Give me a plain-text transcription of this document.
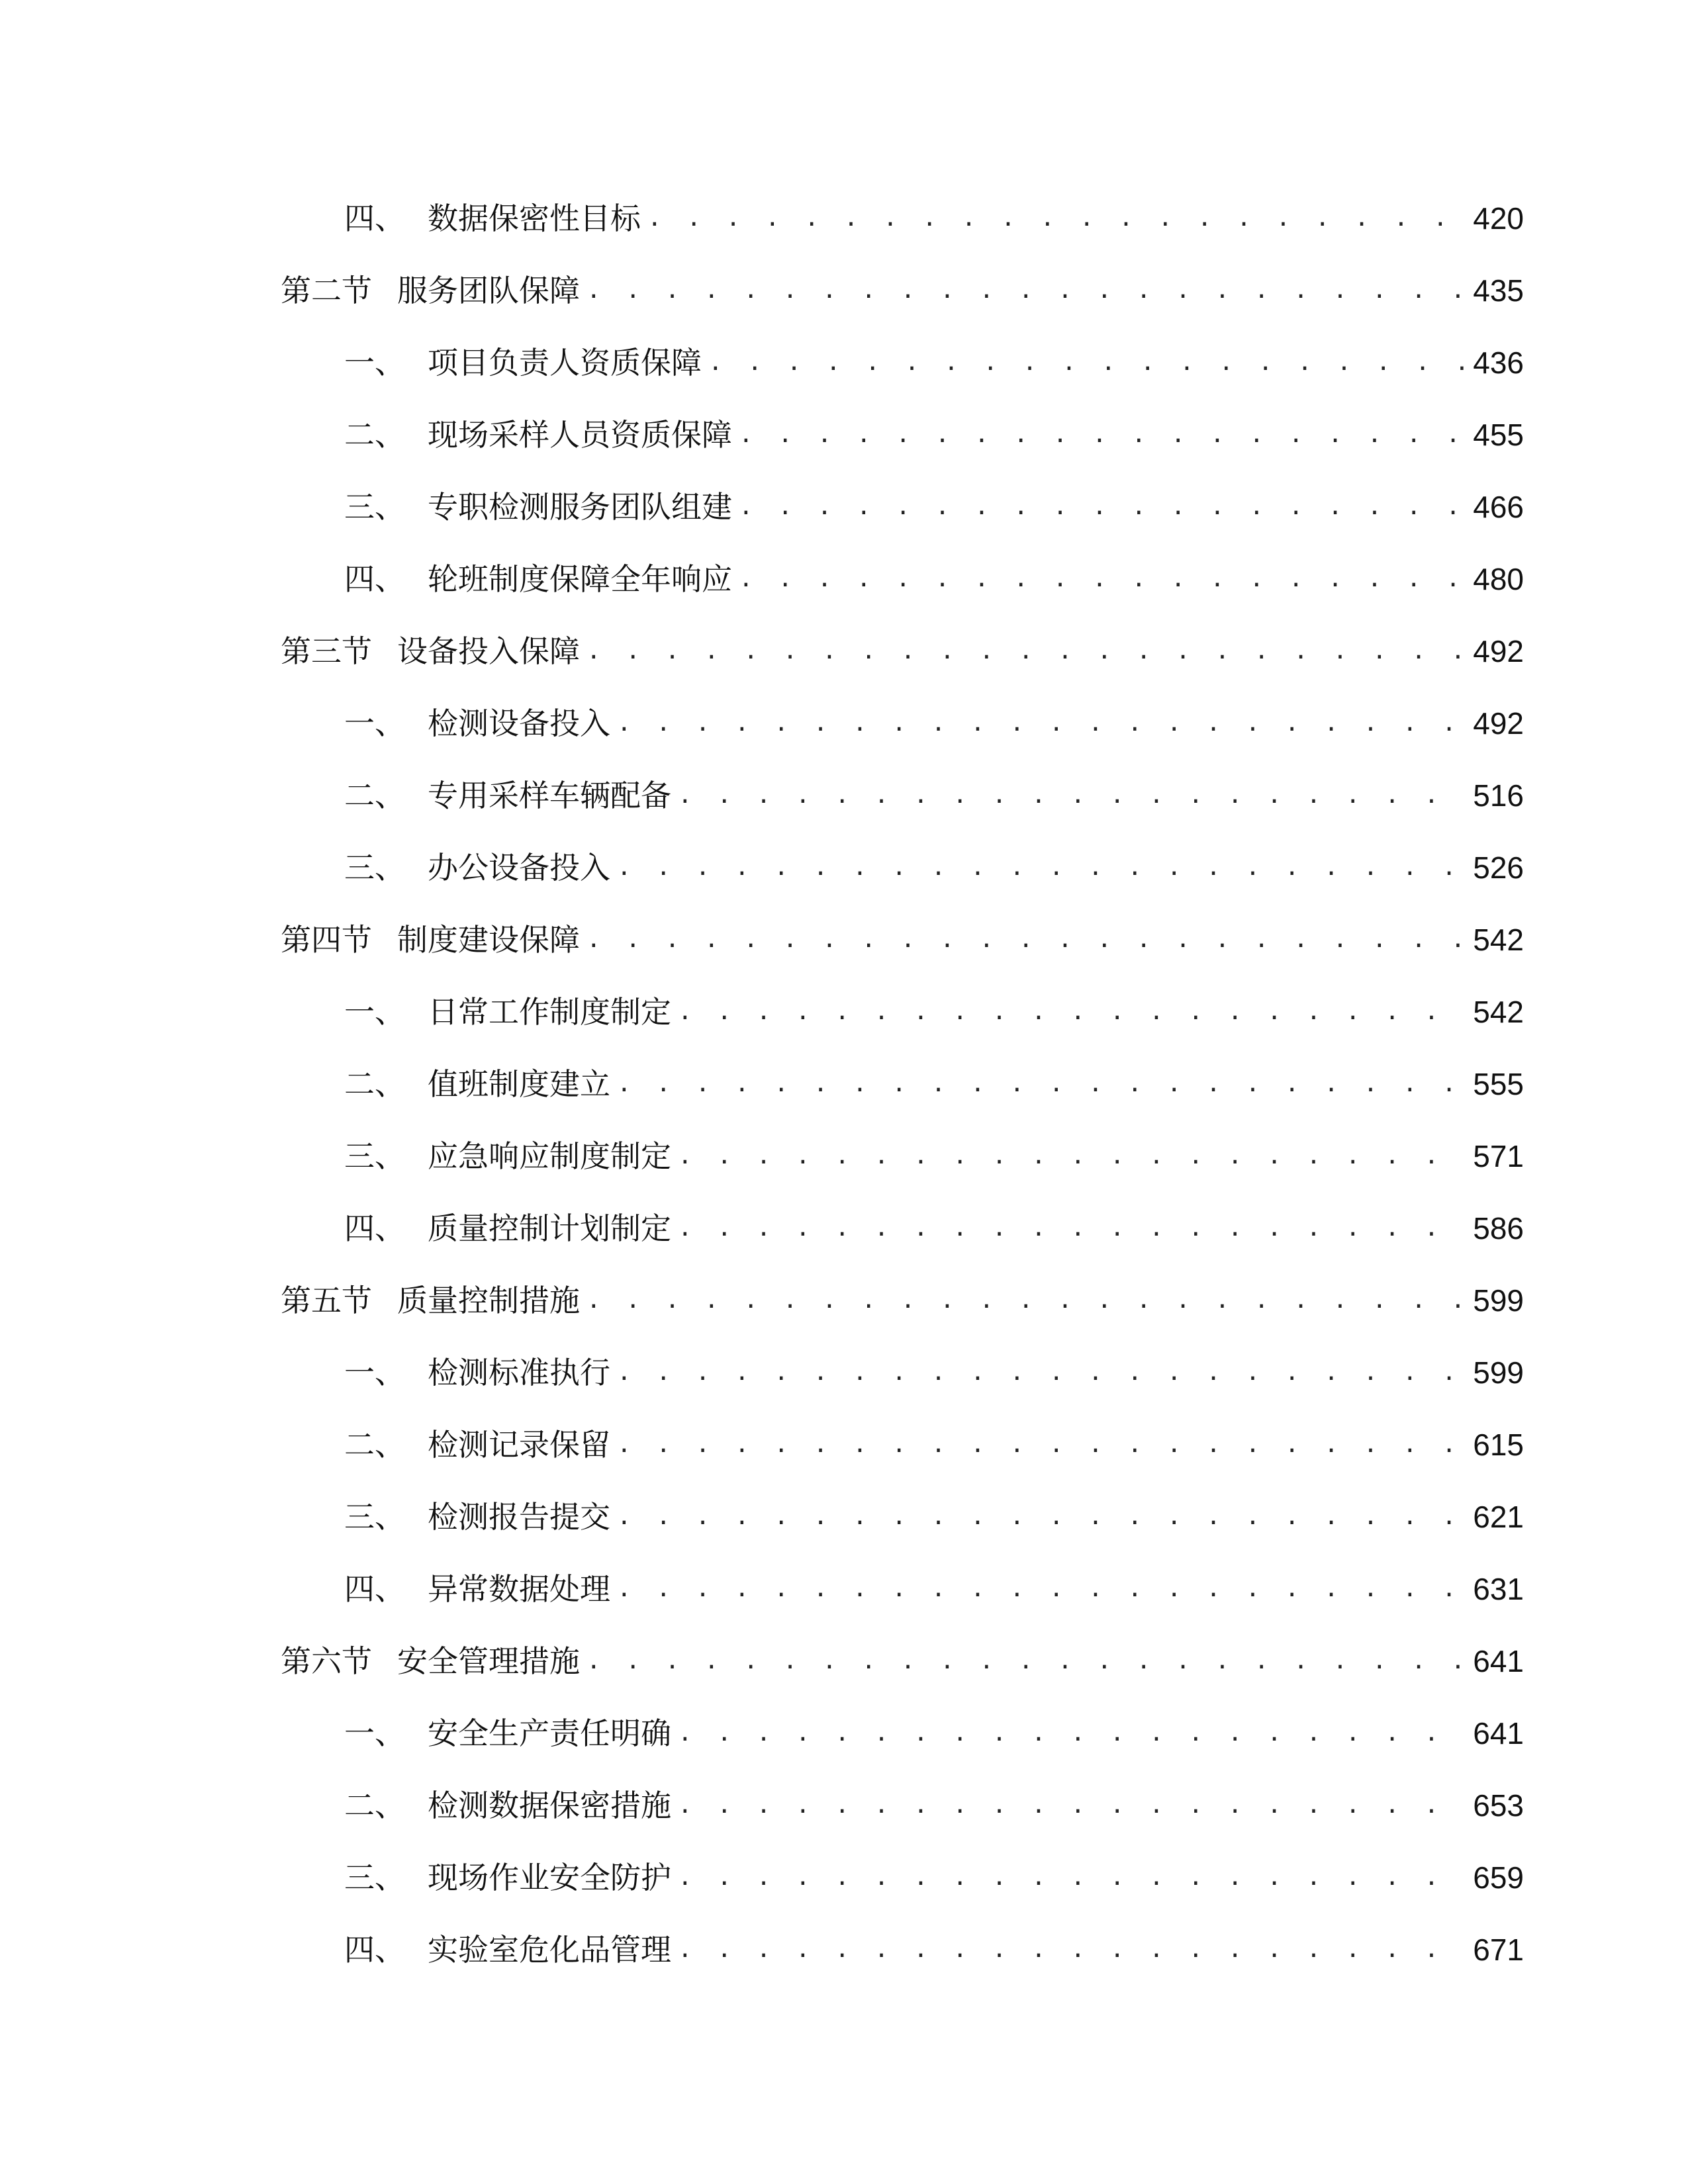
四、 数据保密性目标 . . .	420
第二节 服务团队保障 . . .	435
一、 项目负责人资质保障 . . .	436
二、 现场采样人员资质保障 . . .	455
三、 专职检测服务团队组建 . . .	466
四、 轮班制度保障全年响应 . . .	480
第三节 设备投入保障 . . .	492
一、 检测设备投入 . . .	492
二、 专用采样车辆配备 . . .	516
三、 办公设备投入 . . .	526
第四节 制度建设保障 . . .	542
一、 日常工作制度制定 . . .	542
二、 值班制度建立 . . .	555
三、 应急响应制度制定 . . .	571
四、 质量控制计划制定 . . .	586
第五节 质量控制措施 . . .	599
一、 检测标准执行 . . .	599
二、 检测记录保留 . . .	615
三、 检测报告提交 . . .	621
四、 异常数据处理 . . .	631
第六节 安全管理措施 . . .	641
一、 安全生产责任明确 . . .	641
二、 检测数据保密措施 . . .	653
三、 现场作业安全防护 . . .	659
四、 实验室危化品管理 . . .	671
